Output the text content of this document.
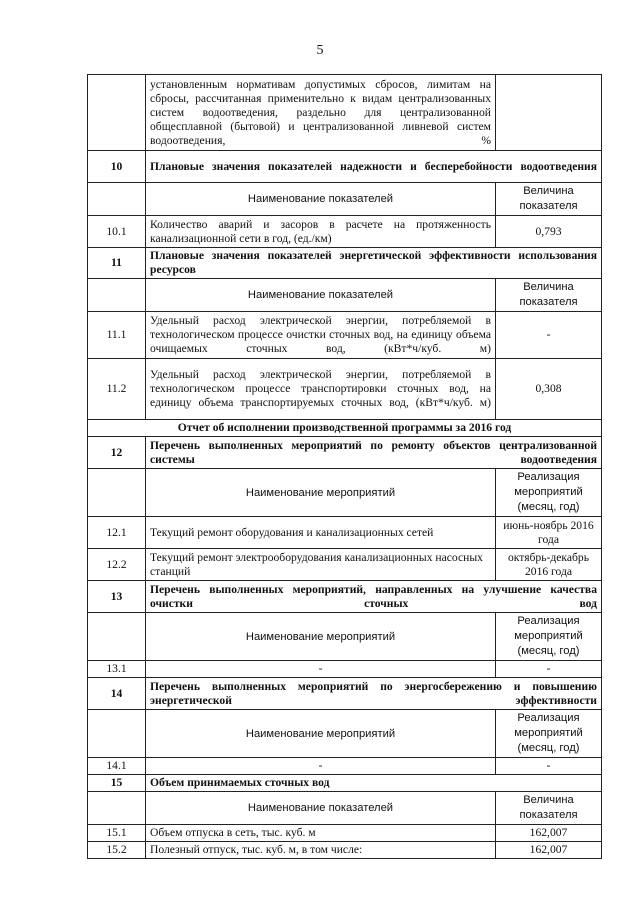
5
	установленным нормативам допустимых сбросов, лимитам на сбросы, рассчитанная применительно к видам централизованных систем водоотведения, раздельно для централизованной общесплавной (бытовой) и централизованной ливневой систем водоотведения, %	
10	Плановые значения показателей надежности и бесперебойности водоотведения	
	Наименование показателей	Величина показателя
10.1	Количество аварий и засоров в расчете на протяженность канализационной сети в год, (ед./км)	0,793
11	Плановые значения показателей энергетической эффективности использования ресурсов	
	Наименование показателей	Величина показателя
11.1	Удельный расход электрической энергии, потребляемой в технологическом процессе очистки сточных вод, на единицу объема очищаемых сточных вод, (кВт*ч/куб. м)	-
11.2	Удельный расход электрической энергии, потребляемой в технологическом процессе транспортировки сточных вод, на единицу объема транспортируемых сточных вод, (кВт*ч/куб. м)	0,308
Отчет об исполнении производственной программы за 2016 год		
12	Перечень выполненных мероприятий по ремонту объектов централизованной системы водоотведения	
	Наименование мероприятий	Реализация мероприятий (месяц, год)
12.1	Текущий ремонт оборудования и канализационных сетей	июнь-ноябрь 2016 года
12.2	Текущий ремонт электрооборудования канализационных насосных станций	октябрь-декабрь 2016 года
13	Перечень выполненных мероприятий, направленных на улучшение качества очистки сточных вод	
	Наименование мероприятий	Реализация мероприятий (месяц, год)
13.1	-	-
14	Перечень выполненных мероприятий по энергосбережению и повышению энергетической эффективности	
	Наименование мероприятий	Реализация мероприятий (месяц, год)
14.1	-	-
15	Объем принимаемых сточных вод	
	Наименование показателей	Величина показателя
15.1	Объем отпуска в сеть, тыс. куб. м	162,007
15.2	Полезный отпуск, тыс. куб. м, в том числе:	162,007
